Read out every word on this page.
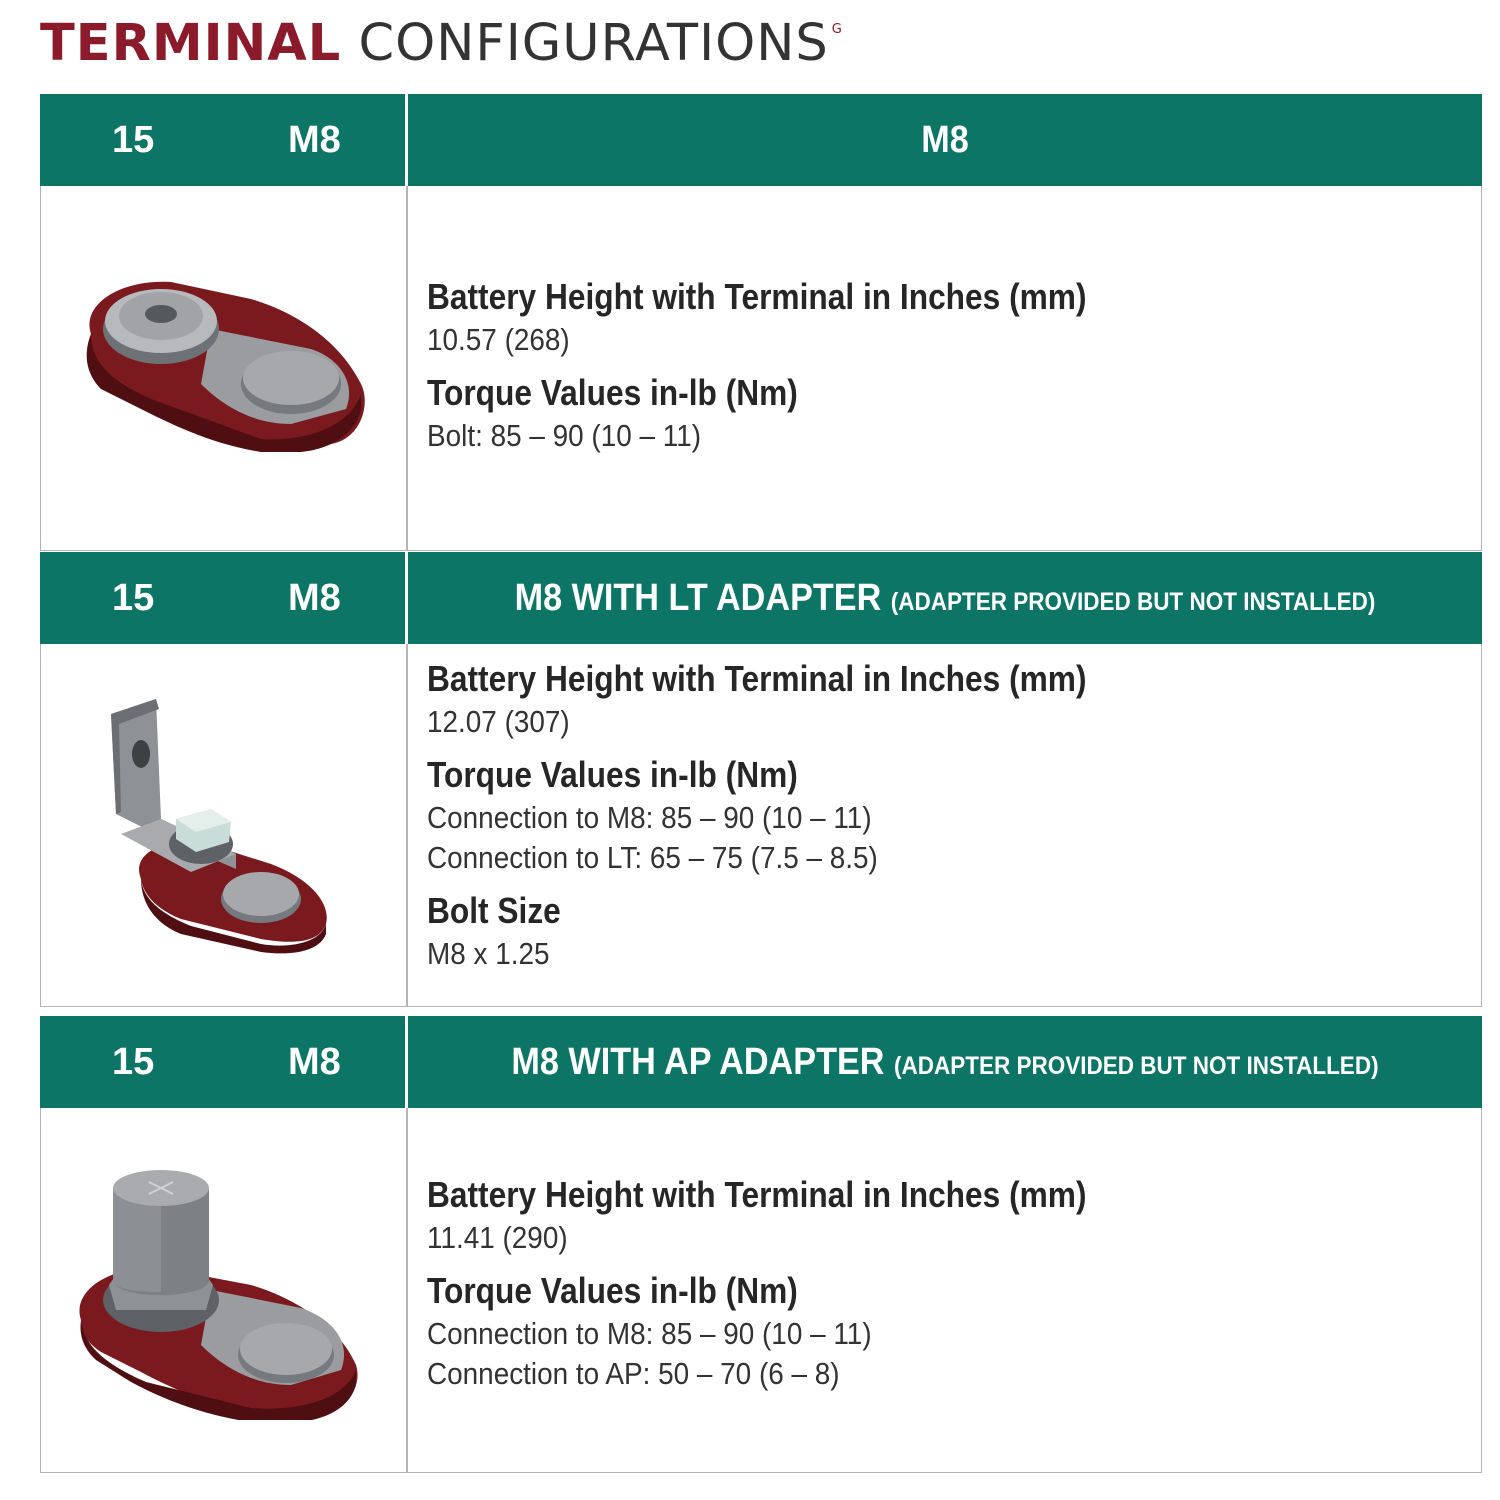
TERMINAL CONFIGURATIONS $^G$
15	M8	M8
Battery Height with Terminal in Inches (mm)
10.57 (268)
Torque Values in-lb (Nm)
Bolt: 85 – 90 (10 – 11)
15	M8	M8 WITH LT ADAPTER (ADAPTER PROVIDED BUT NOT INSTALLED)
Battery Height with Terminal in Inches (mm)
12.07 (307)
Torque Values in-lb (Nm)
Connection to M8: 85 – 90 (10 – 11)
Connection to LT: 65 – 75 (7.5 – 8.5)
Bolt Size
M8 x 1.25
15	M8	M8 WITH AP ADAPTER (ADAPTER PROVIDED BUT NOT INSTALLED)
Battery Height with Terminal in Inches (mm)
11.41 (290)
Torque Values in-lb (Nm)
Connection to M8: 85 – 90 (10 – 11)
Connection to AP: 50 – 70 (6 – 8)
